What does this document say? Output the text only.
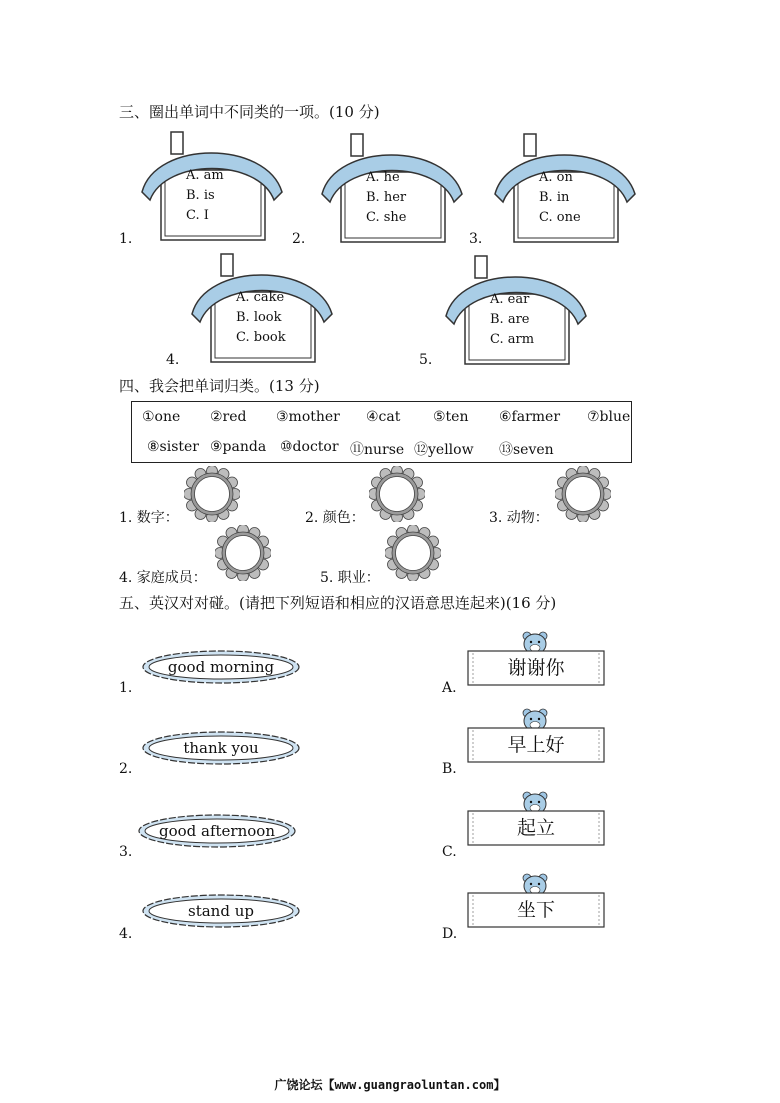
三、圈出单词中不同类的一项。(10 分)
1.
A. am
B. is
C. I
2.
A. he
B. her
C. she
3.
A. on
B. in
C. one
4.
A. cake
B. look
C. book
5.
A. ear
B. are
C. arm
四、我会把单词归类。(13 分)
①one ②red ③mother ④cat ⑤ten ⑥farmer ⑦blue
⑧sister ⑨panda ⑩doctor ⑪nurse ⑫yellow ⑬seven
1. 数字：	2. 颜色：	3. 动物：
4. 家庭成员：	5. 职业：
五、英汉对对碰。(请把下列短语和相应的汉语意思连起来)(16 分)
1.
good morning
2.
thank you
3.
good afternoon
4.
stand up
A.
谢谢你
B.
早上好
C.
起立
D.
坐下
广饶论坛【www.guangraoluntan.com】
